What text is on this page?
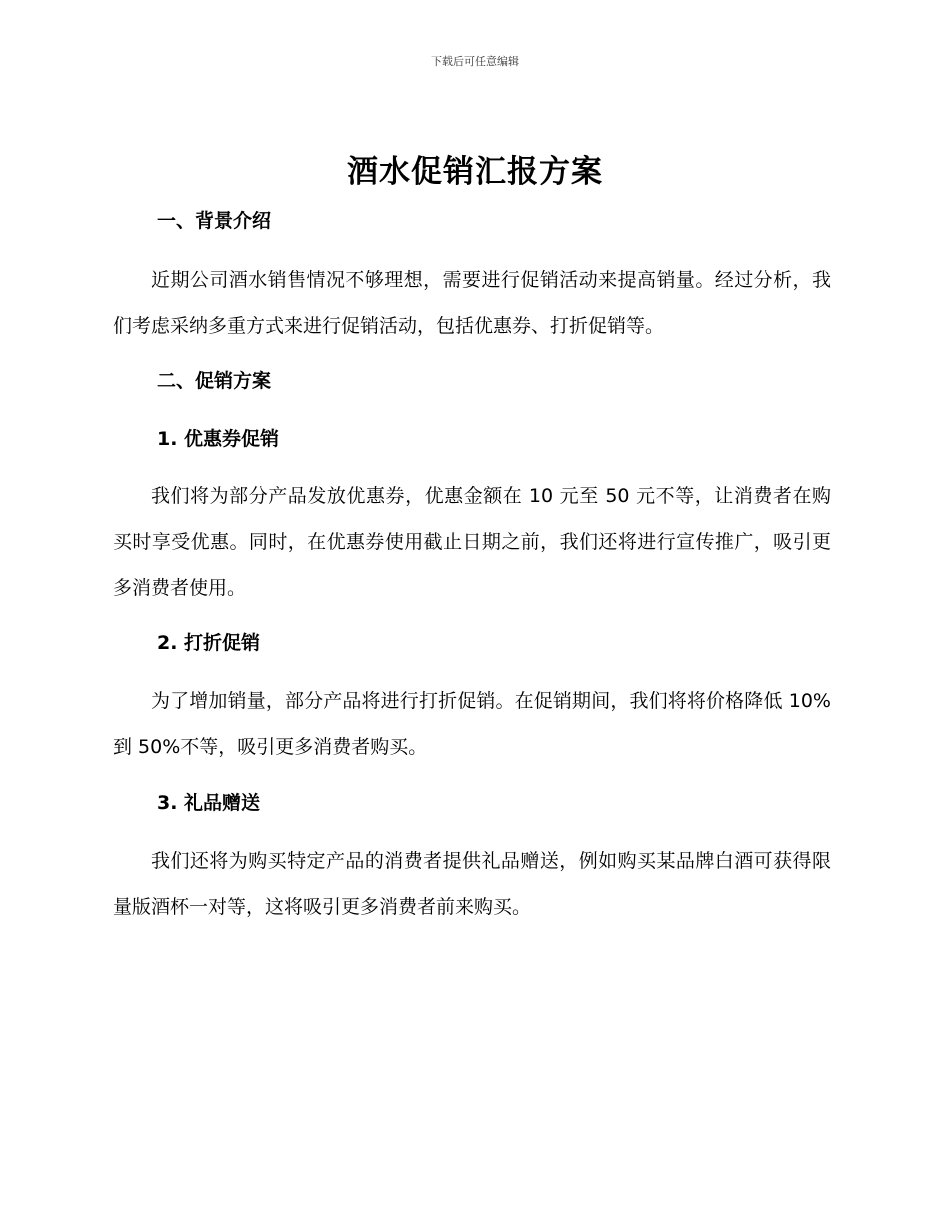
下载后可任意编辑
酒水促销汇报方案
一、背景介绍
近期公司酒水销售情况不够理想，需要进行促销活动来提高销量。经过分析，我们考虑采纳多重方式来进行促销活动，包括优惠券、打折促销等。
二、促销方案
1. 优惠券促销
我们将为部分产品发放优惠券，优惠金额在 10 元至 50 元不等，让消费者在购买时享受优惠。同时，在优惠券使用截止日期之前，我们还将进行宣传推广，吸引更多消费者使用。
2. 打折促销
为了增加销量，部分产品将进行打折促销。在促销期间，我们将将价格降低 10%到 50%不等，吸引更多消费者购买。
3. 礼品赠送
我们还将为购买特定产品的消费者提供礼品赠送，例如购买某品牌白酒可获得限量版酒杯一对等，这将吸引更多消费者前来购买。
